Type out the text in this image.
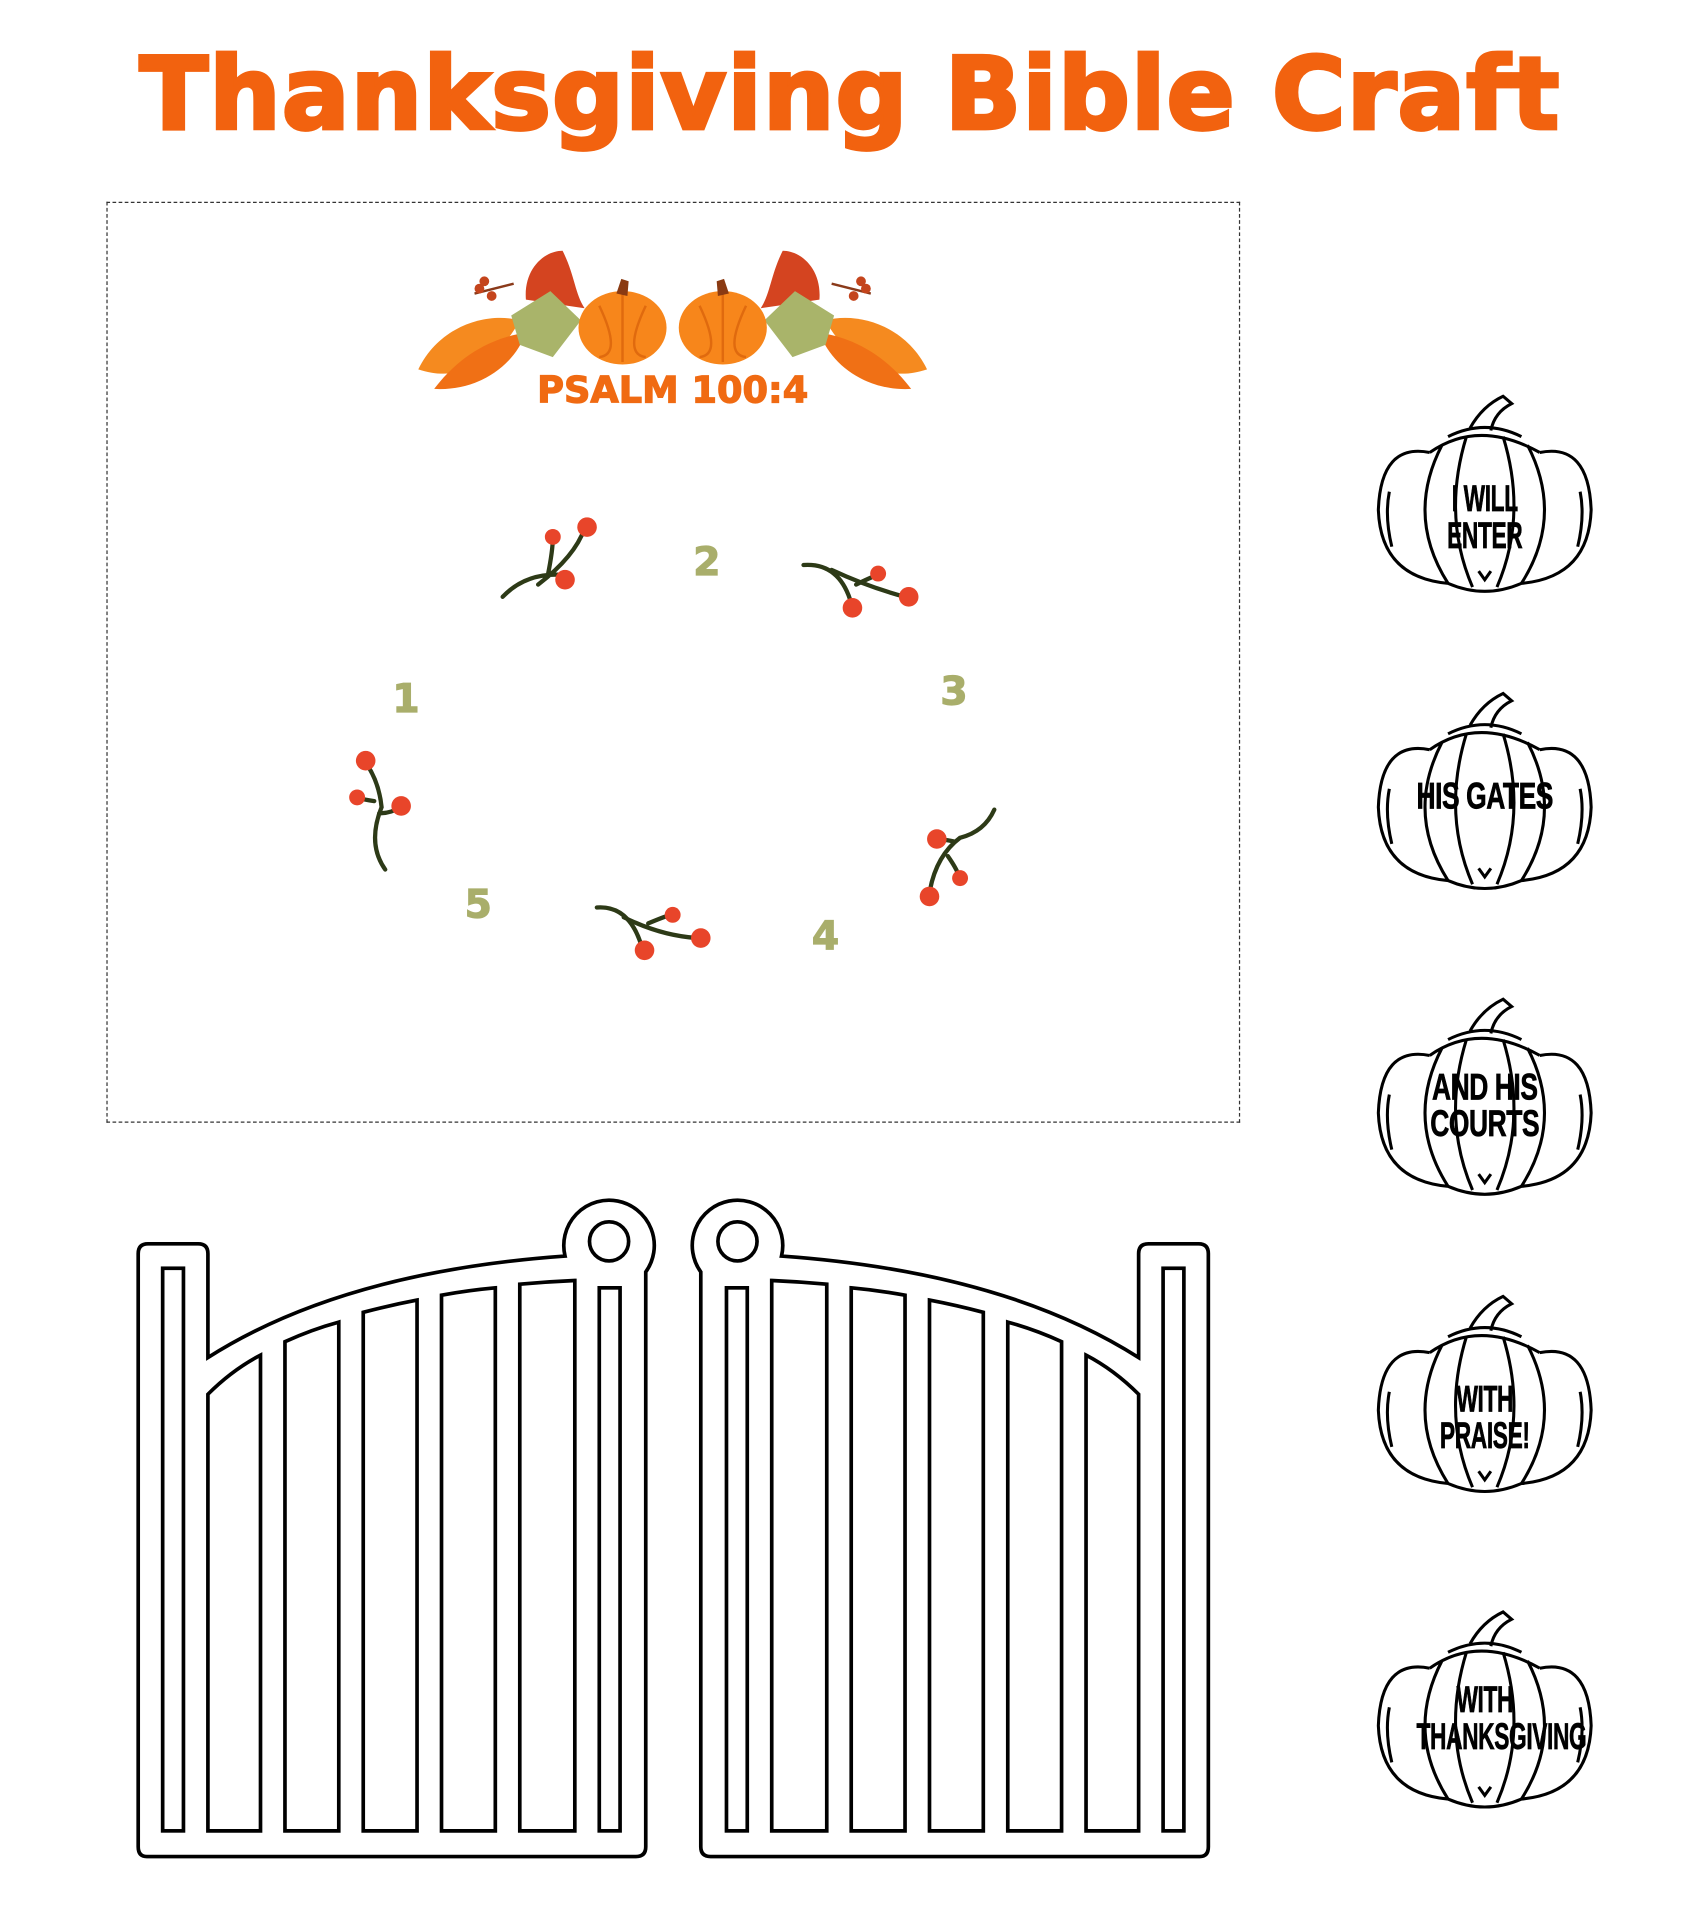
Thanksgiving Bible Craft
PSALM 100:4
1
2
3
4
5
I WILL ENTER
HIS GATES
AND HIS
COURTS
WITH PRAISE!
WITH
THANKSGIVING
